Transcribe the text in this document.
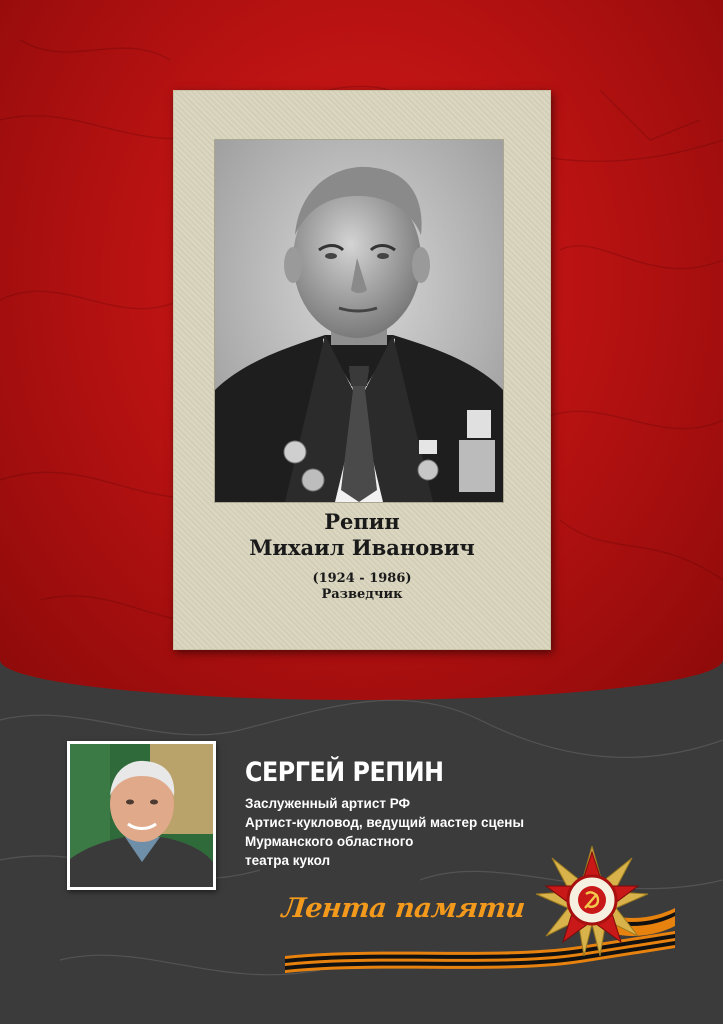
Репин
Михаил Иванович
(1924 - 1986)
Разведчик
СЕРГЕЙ РЕПИН
Заслуженный артист РФ
Артист-кукловод, ведущий мастер сцены
Мурманского областного
театра кукол
Лента памяти
